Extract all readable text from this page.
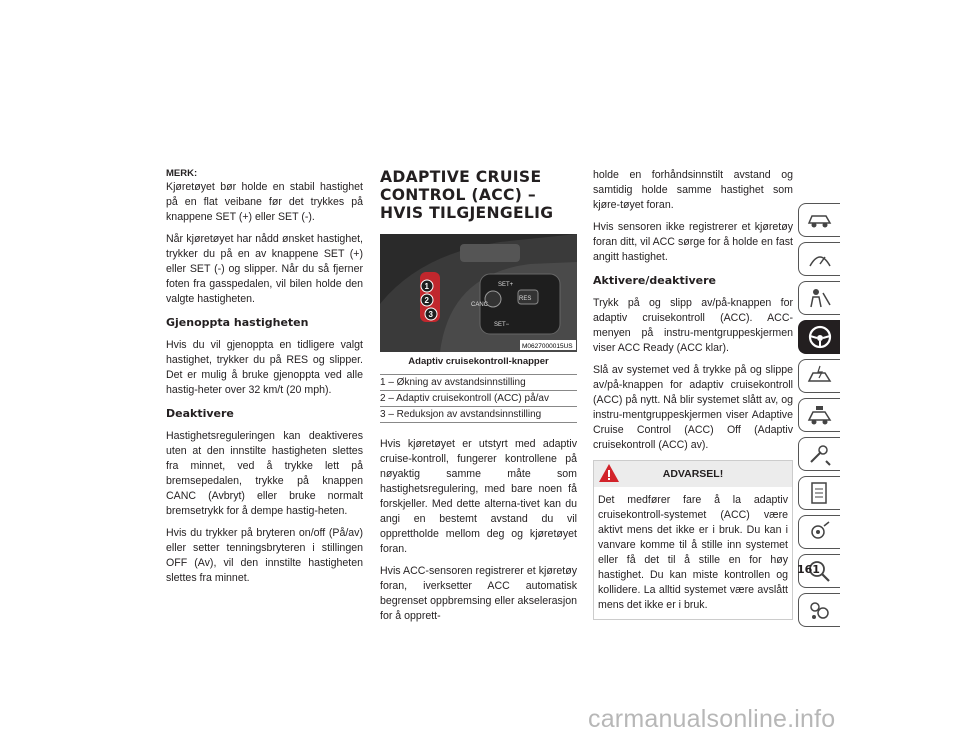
MERK:

Kjøretøyet bør holde en stabil hastighet på en flat veibane før det trykkes på knappene SET (+) eller SET (-).

Når kjøretøyet har nådd ønsket hastighet, trykker du på en av knappene SET (+) eller SET (-) og slipper. Når du så fjerner foten fra gasspedalen, vil bilen holde den valgte hastigheten.

Gjenoppta hastigheten

Hvis du vil gjenoppta en tidligere valgt hastighet, trykker du på RES og slipper. Det er mulig å bruke gjenoppta ved alle hastig-heter over 32 km/t (20 mph).

Deaktivere

Hastighetsreguleringen kan deaktiveres uten at den innstilte hastigheten slettes fra minnet, ved å trykke lett på bremsepedalen, trykke på knappen CANC (Avbryt) eller bruke normalt bremsetrykk for å dempe hastig-heten.

Hvis du trykker på bryteren on/off (På/av) eller setter tenningsbryteren i stillingen OFF (Av), vil den innstilte hastigheten slettes fra minnet.

ADAPTIVE CRUISE CONTROL (ACC) – HVIS TILGJENGELIG
CANC
RES
SET+
SET−
1
2
3
M0627000015US
Adaptiv cruisekontroll-knapper
1 – Økning av avstandsinnstilling
2 – Adaptiv cruisekontroll (ACC) på/av
3 – Reduksjon av avstandsinnstilling

Hvis kjøretøyet er utstyrt med adaptiv cruise-kontroll, fungerer kontrollene på nøyaktig samme måte som hastighetsregulering, med bare noen få forskjeller. Med dette alterna-tivet kan du angi en bestemt avstand du vil opprettholde mellom deg og kjøretøyet foran.

Hvis ACC-sensoren registrerer et kjøretøy foran, iverksetter ACC automatisk begrenset oppbremsing eller akselerasjon for å opprett-

holde en forhåndsinnstilt avstand og samtidig holde samme hastighet som kjøre-tøyet foran.

Hvis sensoren ikke registrerer et kjøretøy foran ditt, vil ACC sørge for å holde en fast angitt hastighet.

Aktivere/deaktivere

Trykk på og slipp av/på-knappen for adaptiv cruisekontroll (ACC). ACC-menyen på instru-mentgruppeskjermen viser ACC Ready (ACC klar).

Slå av systemet ved å trykke på og slippe av/på-knappen for adaptiv cruisekontroll (ACC) på nytt. Nå blir systemet slått av, og instru-mentgruppeskjermen viser Adaptive Cruise Control (ACC) Off (Adaptiv cruisekontroll (ACC) av).

ADVARSEL!
Det medfører fare å la adaptiv cruisekontroll-systemet (ACC) være aktivt mens det ikke er i bruk. Du kan i vanvare komme til å stille inn systemet eller få det til å stille en for høy hastighet. Du kan miste kontrollen og kollidere. La alltid systemet være avslått mens det ikke er i bruk.
161
carmanualsonline.info
